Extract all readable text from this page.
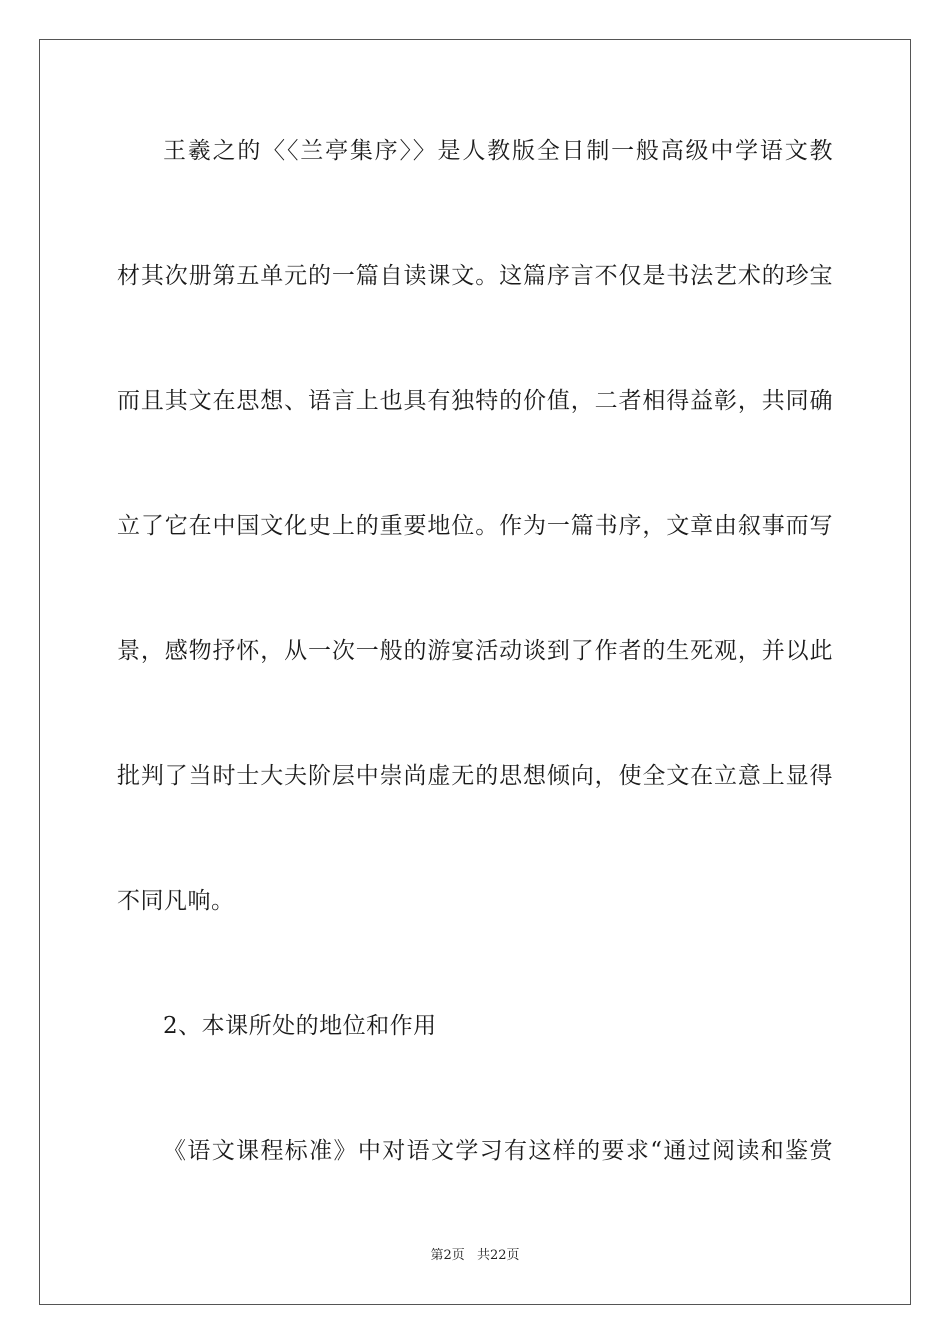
王羲之的〈〈兰亭集序〉〉是人教版全日制一般高级中学语文教
材其次册第五单元的一篇自读课文。这篇序言不仅是书法艺术的珍宝
而且其文在思想、语言上也具有独特的价值，二者相得益彰，共同确
立了它在中国文化史上的重要地位。作为一篇书序，文章由叙事而写
景，感物抒怀，从一次一般的游宴活动谈到了作者的生死观，并以此
批判了当时士大夫阶层中崇尚虚无的思想倾向，使全文在立意上显得
不同凡响。
2、本课所处的地位和作用
《语文课程标准》中对语文学习有这样的要求“通过阅读和鉴赏
第2页 共22页
